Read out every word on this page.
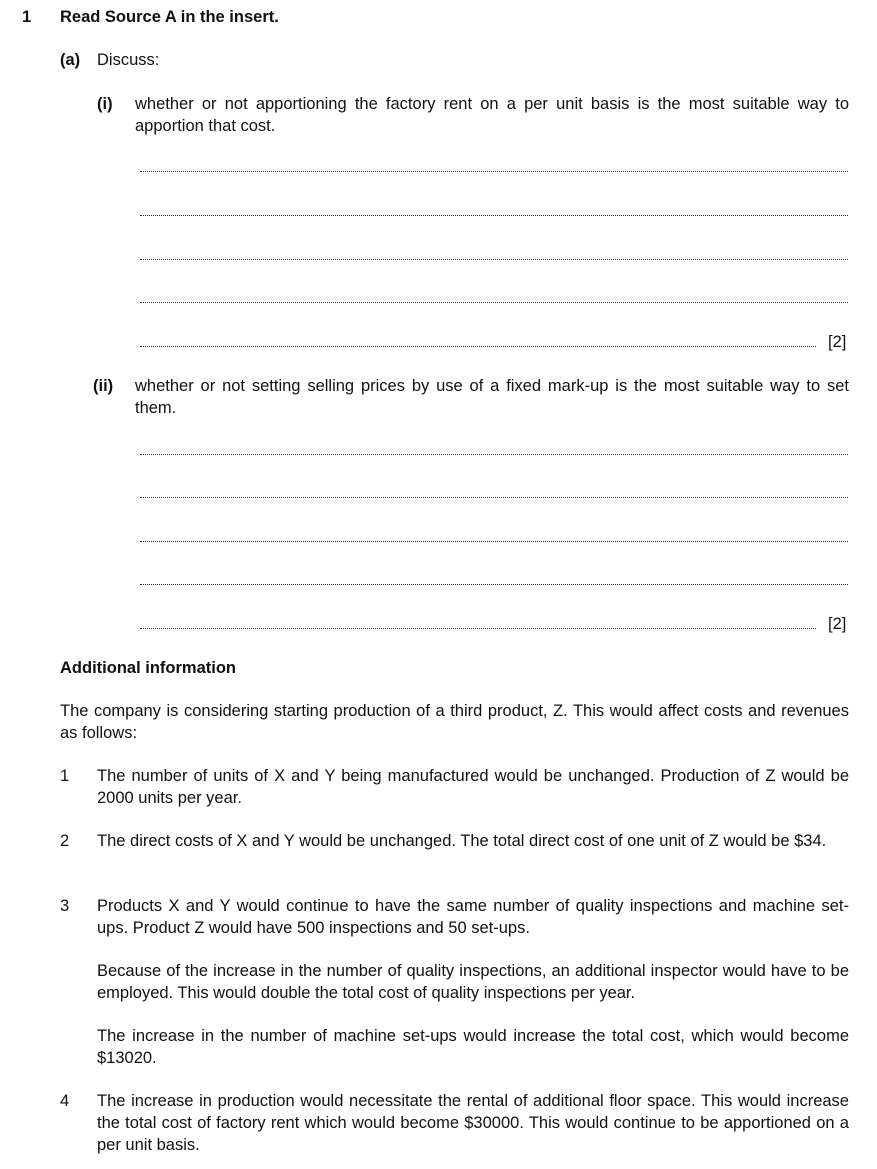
1 Read Source A in the insert.
(a) Discuss:
(i) whether or not apportioning the factory rent on a per unit basis is the most suitable way to apportion that cost.
[2]
(ii) whether or not setting selling prices by use of a fixed mark-up is the most suitable way to set them.
[2]
Additional information
The company is considering starting production of a third product, Z. This would affect costs and revenues as follows:
1 The number of units of X and Y being manufactured would be unchanged. Production of Z would be 2000 units per year.
2 The direct costs of X and Y would be unchanged. The total direct cost of one unit of Z would be $34.
3 Products X and Y would continue to have the same number of quality inspections and machine set-ups. Product Z would have 500 inspections and 50 set-ups.
Because of the increase in the number of quality inspections, an additional inspector would have to be employed. This would double the total cost of quality inspections per year.
The increase in the number of machine set-ups would increase the total cost, which would become $13020.
4 The increase in production would necessitate the rental of additional floor space. This would increase the total cost of factory rent which would become $30000. This would continue to be apportioned on a per unit basis.
